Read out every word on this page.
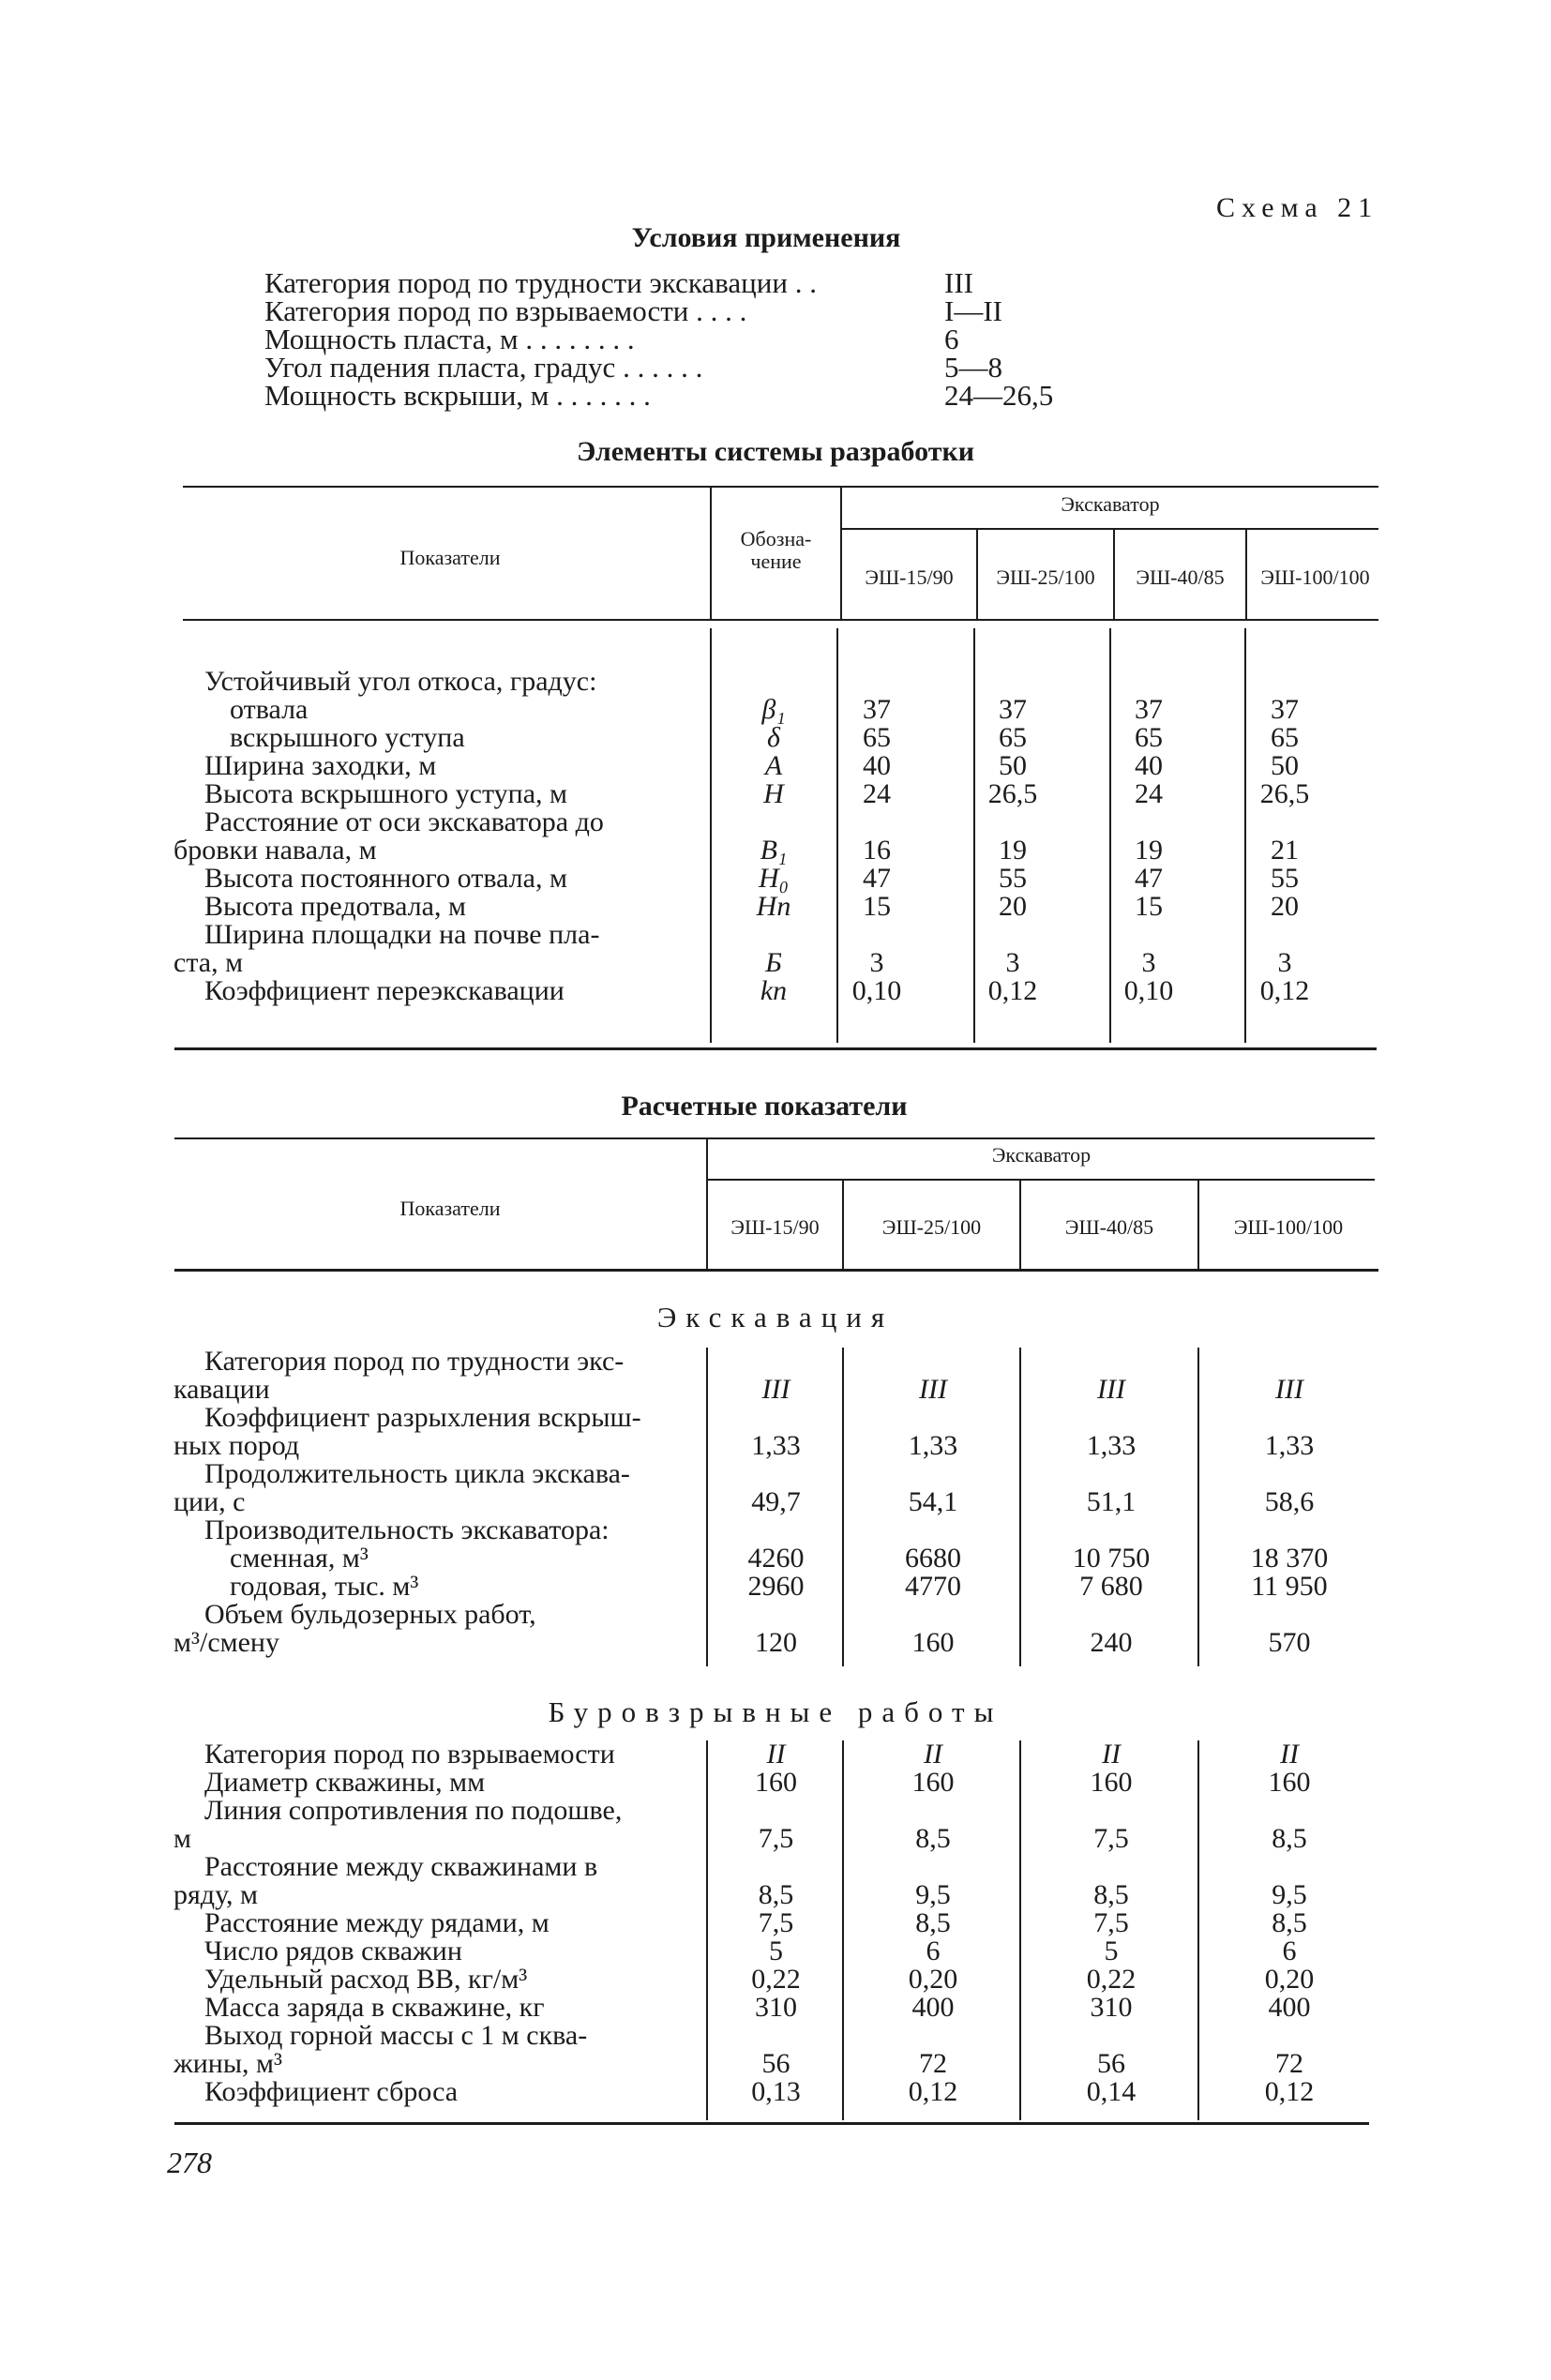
Схема 21
Условия применения
Категория пород по трудности экскавации . .	III
Категория пород по взрываемости . . . .	I—II
Мощность пласта, м . . . . . . . .	6
Угол падения пласта, градус . . . . . .	5—8
Мощность вскрыши, м . . . . . . .	24—26,5
Элементы системы разработки
Показатели
Обозна-
чение
Экскаватор
ЭШ-15/90	ЭШ-25/100	ЭШ-40/85	ЭШ-100/100
Устойчивый угол откоса, градус:
отвала	β₁	37	37	37	37
вскрышного уступа	δ	65	65	65	65
Ширина заходки, м	A	40	50	40	50
Высота вскрышного уступа, м	H	24	26,5	24	26,5
Расстояние от оси экскаватора до
бровки навала, м	B₁	16	19	19	21
Высота постоянного отвала, м	H₀	47	55	47	55
Высота предотвала, м	Hп	15	20	15	20
Ширина площадки на почве пла-
ста, м	Б	3	3	3	3
Коэффициент переэкскавации	kп	0,10	0,12	0,10	0,12
Расчетные показатели
Показатели
Экскаватор
ЭШ-15/90	ЭШ-25/100	ЭШ-40/85	ЭШ-100/100
Экскавация
Буровзрывные работы
Категория пород по трудности экс-
кавации	III	III	III	III
Коэффициент разрыхления вскрыш-
ных пород	1,33	1,33	1,33	1,33
Продолжительность цикла экскава-
ции, с	49,7	54,1	51,1	58,6
Производительность экскаватора:
сменная, м³	4260	6680	10 750	18 370
годовая, тыс. м³	2960	4770	7 680	11 950
Объем бульдозерных работ,
м³/смену	120	160	240	570
Категория пород по взрываемости	II	II	II	II
Диаметр скважины, мм	160	160	160	160
Линия сопротивления по подошве,
м	7,5	8,5	7,5	8,5
Расстояние между скважинами в
ряду, м	8,5	9,5	8,5	9,5
Расстояние между рядами, м	7,5	8,5	7,5	8,5
Число рядов скважин	5	6	5	6
Удельный расход ВВ, кг/м³	0,22	0,20	0,22	0,20
Масса заряда в скважине, кг	310	400	310	400
Выход горной массы с 1 м сква-
жины, м³	56	72	56	72
Коэффициент сброса	0,13	0,12	0,14	0,12
278
